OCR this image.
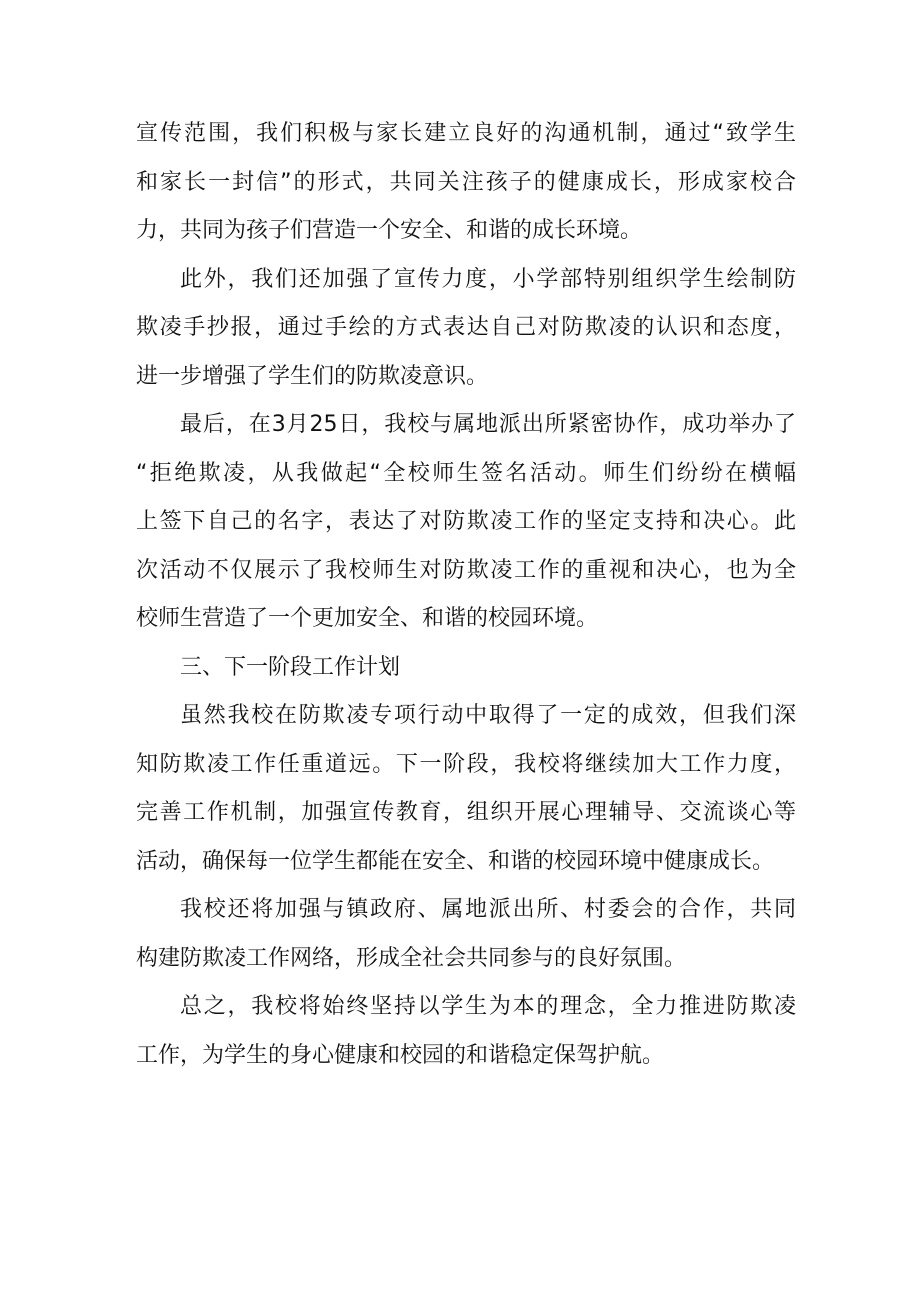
宣传范围，我们积极与家长建立良好的沟通机制，通过“致学生
和家长一封信”的形式，共同关注孩子的健康成长，形成家校合
力，共同为孩子们营造一个安全、和谐的成长环境。

此外，我们还加强了宣传力度，小学部特别组织学生绘制防
欺凌手抄报，通过手绘的方式表达自己对防欺凌的认识和态度，
进一步增强了学生们的防欺凌意识。

最后，在3月25日，我校与属地派出所紧密协作，成功举办了
“拒绝欺凌，从我做起“全校师生签名活动。师生们纷纷在横幅
上签下自己的名字，表达了对防欺凌工作的坚定支持和决心。此
次活动不仅展示了我校师生对防欺凌工作的重视和决心，也为全
校师生营造了一个更加安全、和谐的校园环境。

三、下一阶段工作计划

虽然我校在防欺凌专项行动中取得了一定的成效，但我们深
知防欺凌工作任重道远。下一阶段，我校将继续加大工作力度，
完善工作机制，加强宣传教育，组织开展心理辅导、交流谈心等
活动，确保每一位学生都能在安全、和谐的校园环境中健康成长。

我校还将加强与镇政府、属地派出所、村委会的合作，共同
构建防欺凌工作网络，形成全社会共同参与的良好氛围。

总之，我校将始终坚持以学生为本的理念，全力推进防欺凌
工作，为学生的身心健康和校园的和谐稳定保驾护航。
